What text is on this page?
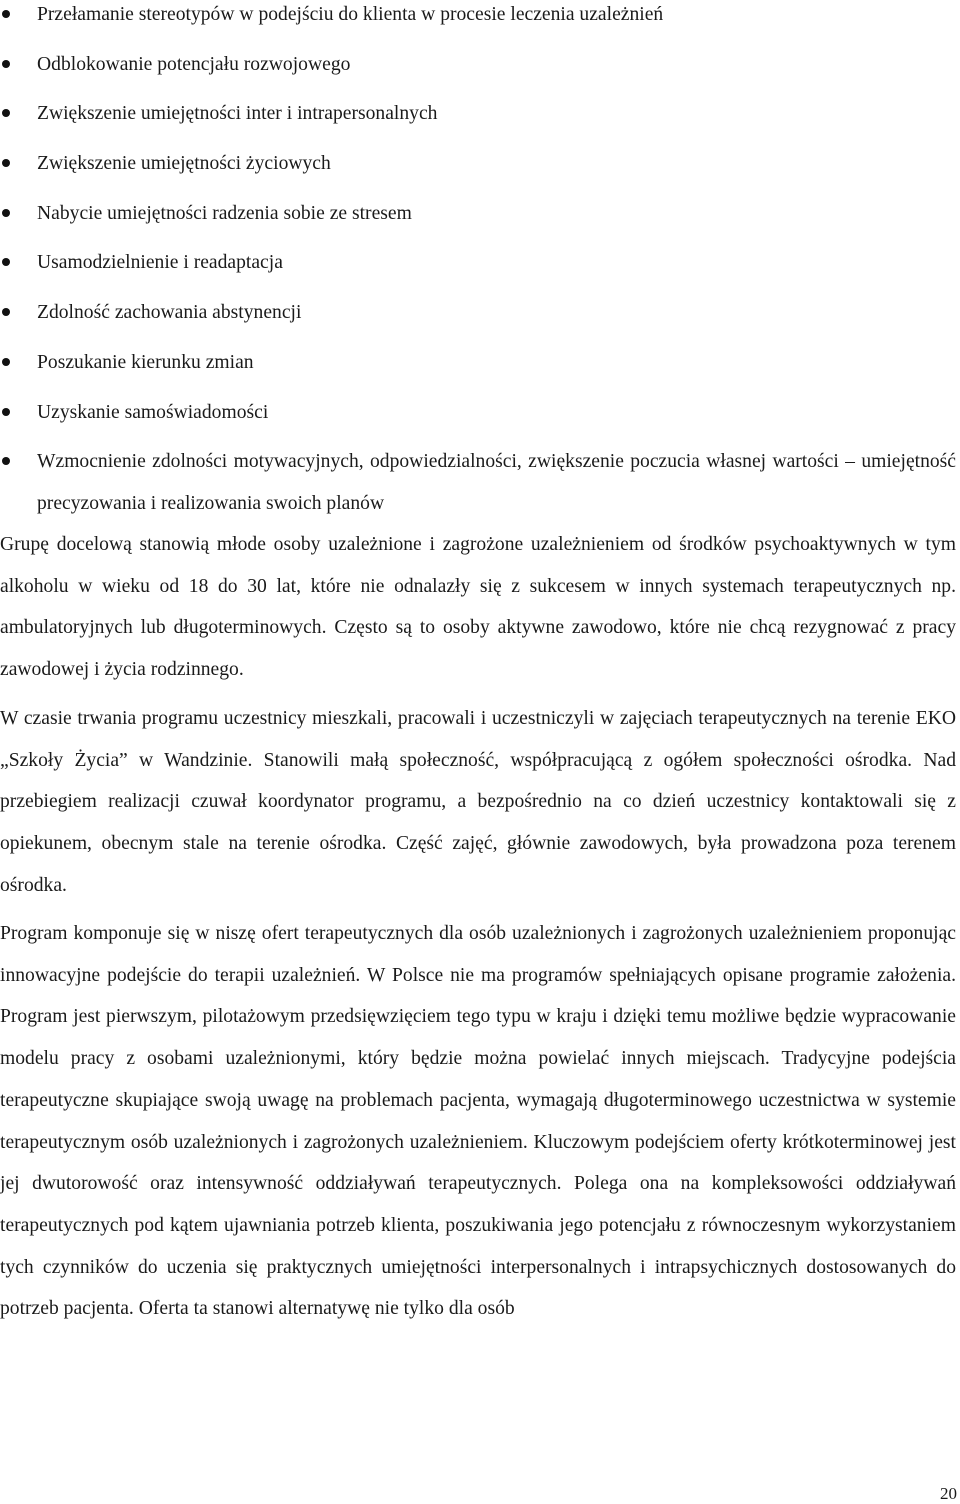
Przełamanie stereotypów w podejściu do klienta w procesie leczenia uzależnień
Odblokowanie potencjału rozwojowego
Zwiększenie umiejętności inter i intrapersonalnych
Zwiększenie umiejętności życiowych
Nabycie umiejętności radzenia sobie ze stresem
Usamodzielnienie i readaptacja
Zdolność zachowania abstynencji
Poszukanie kierunku zmian
Uzyskanie samoświadomości
Wzmocnienie zdolności motywacyjnych, odpowiedzialności, zwiększenie poczucia własnej wartości – umiejętność precyzowania i realizowania swoich planów

Grupę docelową stanowią młode osoby uzależnione i zagrożone uzależnieniem od środków psychoaktywnych w tym alkoholu w wieku od 18 do 30 lat, które nie odnalazły się z sukcesem w innych systemach terapeutycznych np. ambulatoryjnych lub długoterminowych. Często są to osoby aktywne zawodowo, które nie chcą rezygnować z pracy zawodowej i życia rodzinnego.

W czasie trwania programu uczestnicy mieszkali, pracowali i uczestniczyli w zajęciach terapeutycznych na terenie EKO „Szkoły Życia” w Wandzinie. Stanowili małą społeczność, współpracującą z ogółem społeczności ośrodka. Nad przebiegiem realizacji czuwał koordynator programu, a bezpośrednio na co dzień uczestnicy kontaktowali się z opiekunem, obecnym stale na terenie ośrodka. Część zajęć, głównie zawodowych, była prowadzona poza terenem ośrodka.

Program komponuje się w niszę ofert terapeutycznych dla osób uzależnionych i zagrożonych uzależnieniem proponując innowacyjne podejście do terapii uzależnień. W Polsce nie ma programów spełniających opisane programie założenia. Program jest pierwszym, pilotażowym przedsięwzięciem tego typu w kraju i dzięki temu możliwe będzie wypracowanie modelu pracy z osobami uzależnionymi, który będzie można powielać innych miejscach. Tradycyjne podejścia terapeutyczne skupiające swoją uwagę na problemach pacjenta, wymagają długoterminowego uczestnictwa w systemie terapeutycznym osób uzależnionych i zagrożonych uzależnieniem. Kluczowym podejściem oferty krótkoterminowej jest jej dwutorowość oraz intensywność oddziaływań terapeutycznych. Polega ona na kompleksowości oddziaływań terapeutycznych pod kątem ujawniania potrzeb klienta, poszukiwania jego potencjału z równoczesnym wykorzystaniem tych czynników do uczenia się praktycznych umiejętności interpersonalnych i intrapsychicznych dostosowanych do potrzeb pacjenta. Oferta ta stanowi alternatywę nie tylko dla osób

20
